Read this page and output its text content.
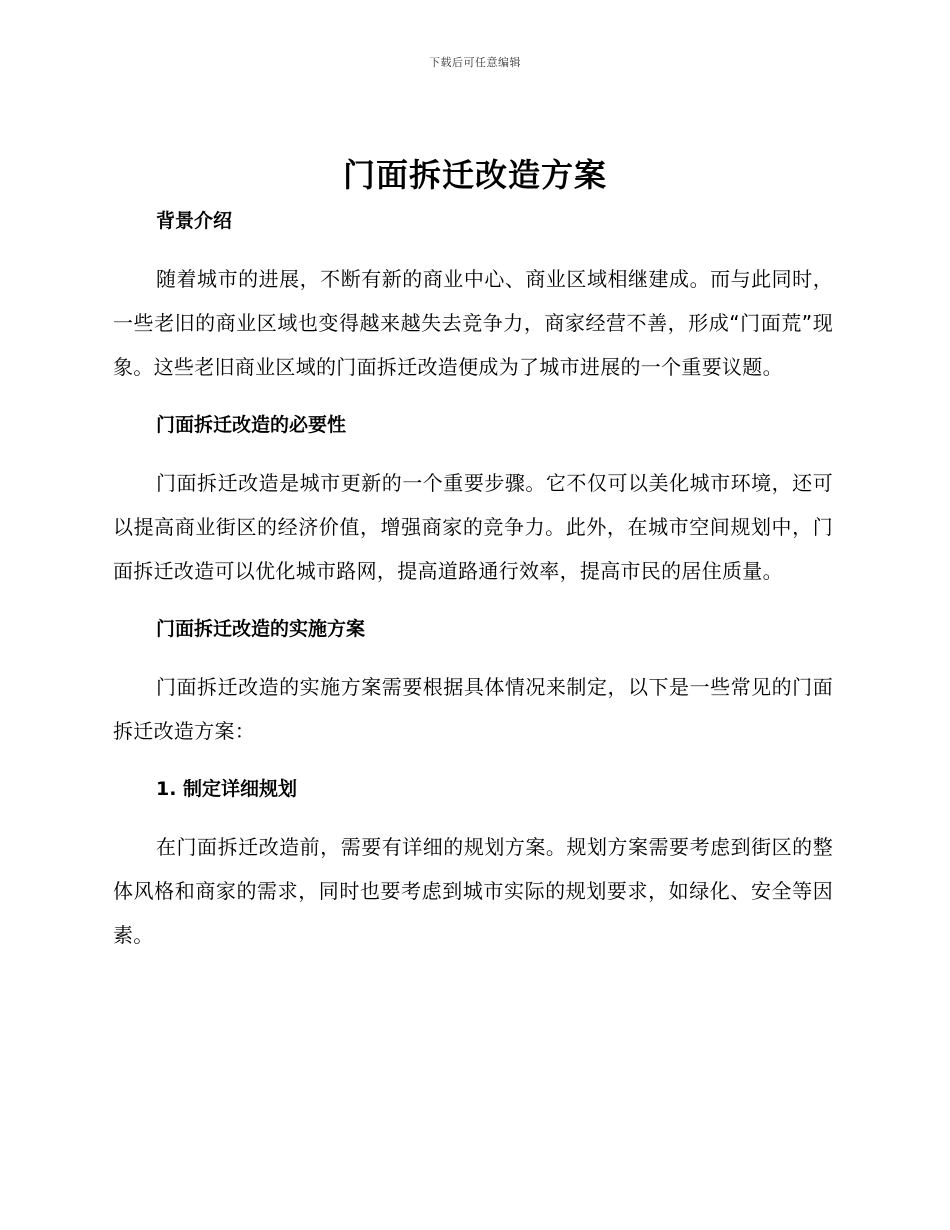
下载后可任意编辑
门面拆迁改造方案
背景介绍

随着城市的进展，不断有新的商业中心、商业区域相继建成。而与此同时，一些老旧的商业区域也变得越来越失去竞争力，商家经营不善，形成“门面荒”现象。这些老旧商业区域的门面拆迁改造便成为了城市进展的一个重要议题。

门面拆迁改造的必要性

门面拆迁改造是城市更新的一个重要步骤。它不仅可以美化城市环境，还可以提高商业街区的经济价值，增强商家的竞争力。此外，在城市空间规划中，门面拆迁改造可以优化城市路网，提高道路通行效率，提高市民的居住质量。

门面拆迁改造的实施方案

门面拆迁改造的实施方案需要根据具体情况来制定，以下是一些常见的门面拆迁改造方案：

1. 制定详细规划

在门面拆迁改造前，需要有详细的规划方案。规划方案需要考虑到街区的整体风格和商家的需求，同时也要考虑到城市实际的规划要求，如绿化、安全等因素。
